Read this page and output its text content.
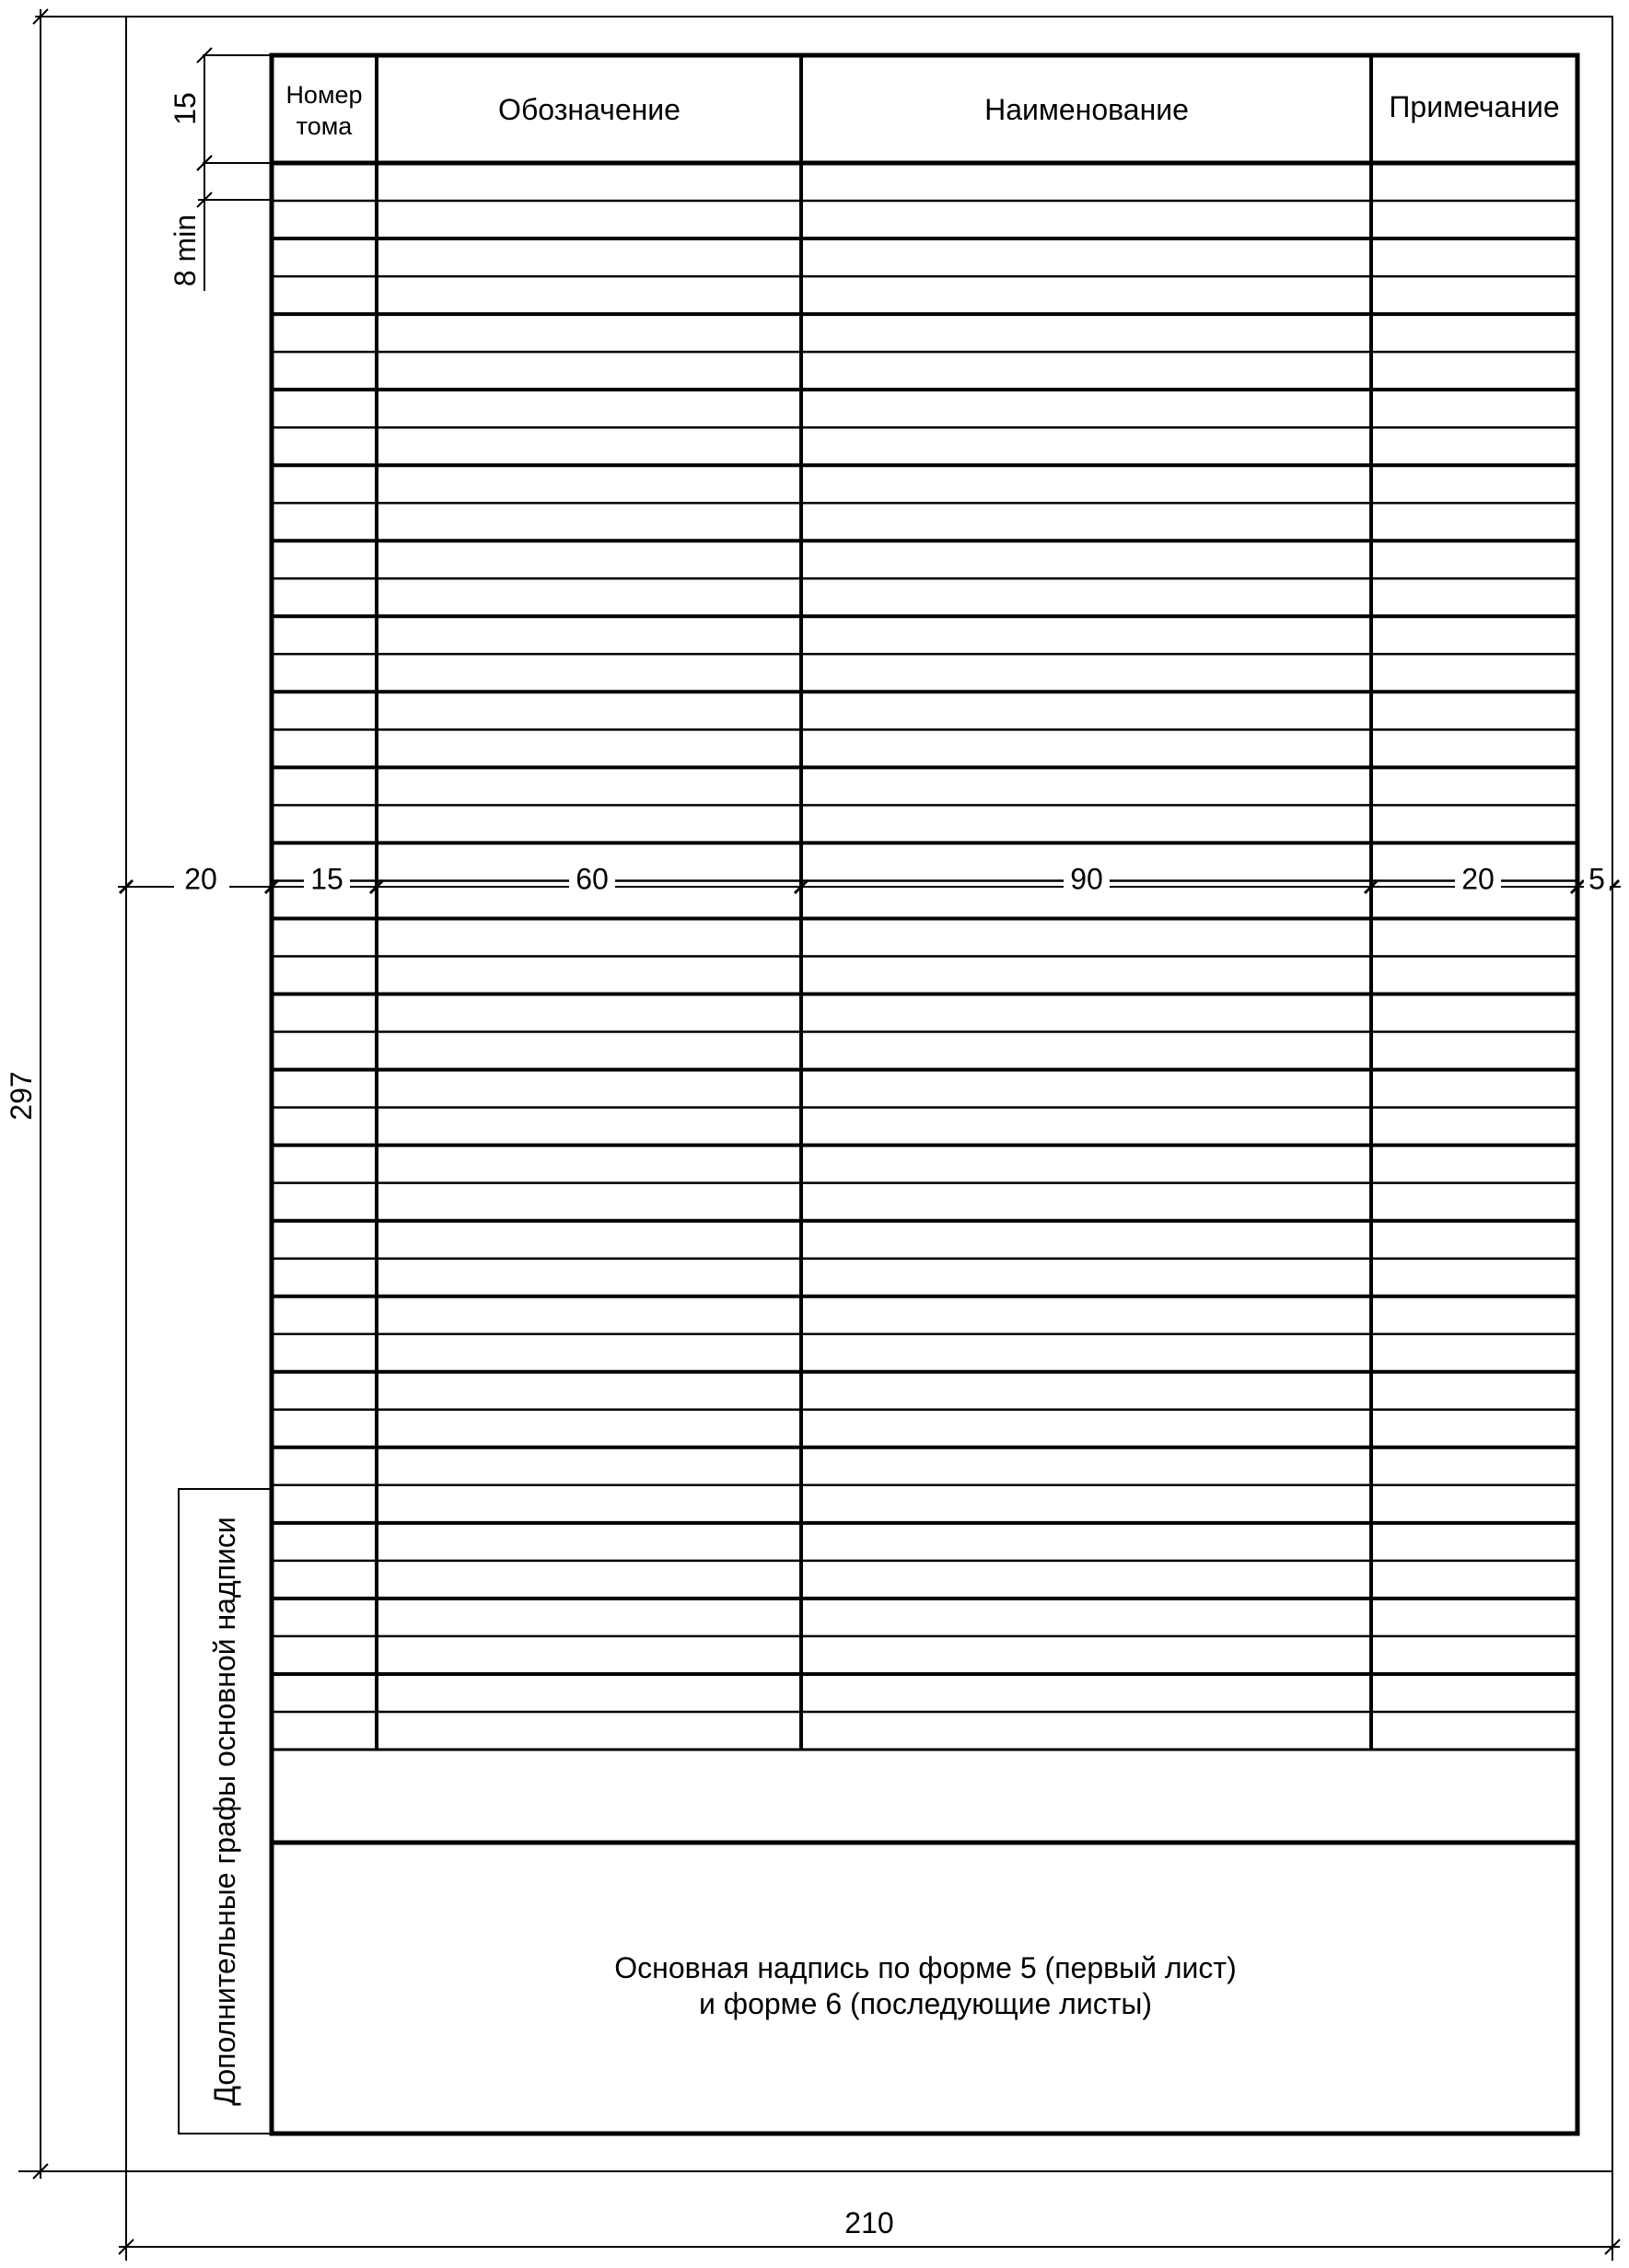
Номер
тома	Обозначение	Наименование	Примечание
Основная надпись по форме 5 (первый лист)
и форме 6 (последующие листы)
Дополнительные графы основной надписи
15
8 min
20	15	60	90	20	5
297
210
